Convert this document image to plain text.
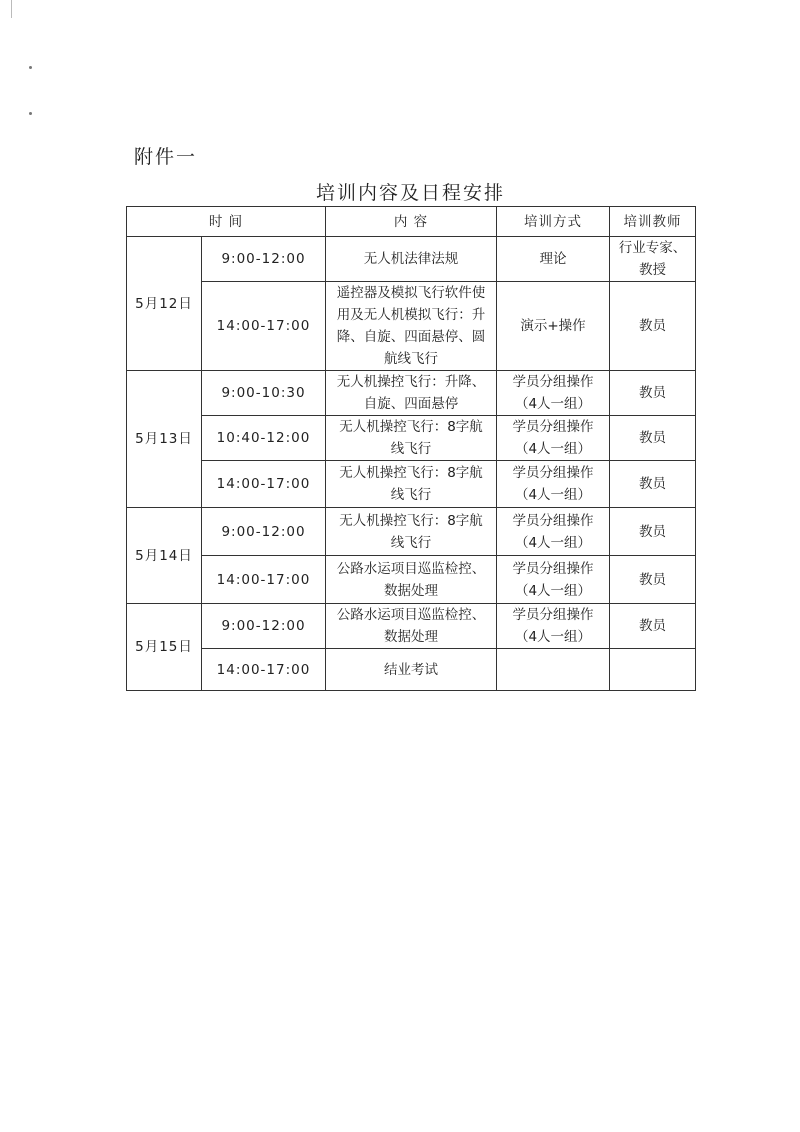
附件一
培训内容及日程安排
时 间		内 容	培训方式	培训教师
5月12日	9:00-12:00	无人机法律法规	理论	行业专家、教授
	14:00-17:00	遥控器及模拟飞行软件使用及无人机模拟飞行：升降、自旋、四面悬停、圆航线飞行	演示+操作	教员
5月13日	9:00-10:30	无人机操控飞行：升降、自旋、四面悬停	学员分组操作（4人一组）	教员
	10:40-12:00	无人机操控飞行：8字航线飞行	学员分组操作（4人一组）	教员
	14:00-17:00	无人机操控飞行：8字航线飞行	学员分组操作（4人一组）	教员
5月14日	9:00-12:00	无人机操控飞行：8字航线飞行	学员分组操作（4人一组）	教员
	14:00-17:00	公路水运项目巡监检控、数据处理	学员分组操作（4人一组）	教员
5月15日	9:00-12:00	公路水运项目巡监检控、数据处理	学员分组操作（4人一组）	教员
	14:00-17:00	结业考试		
